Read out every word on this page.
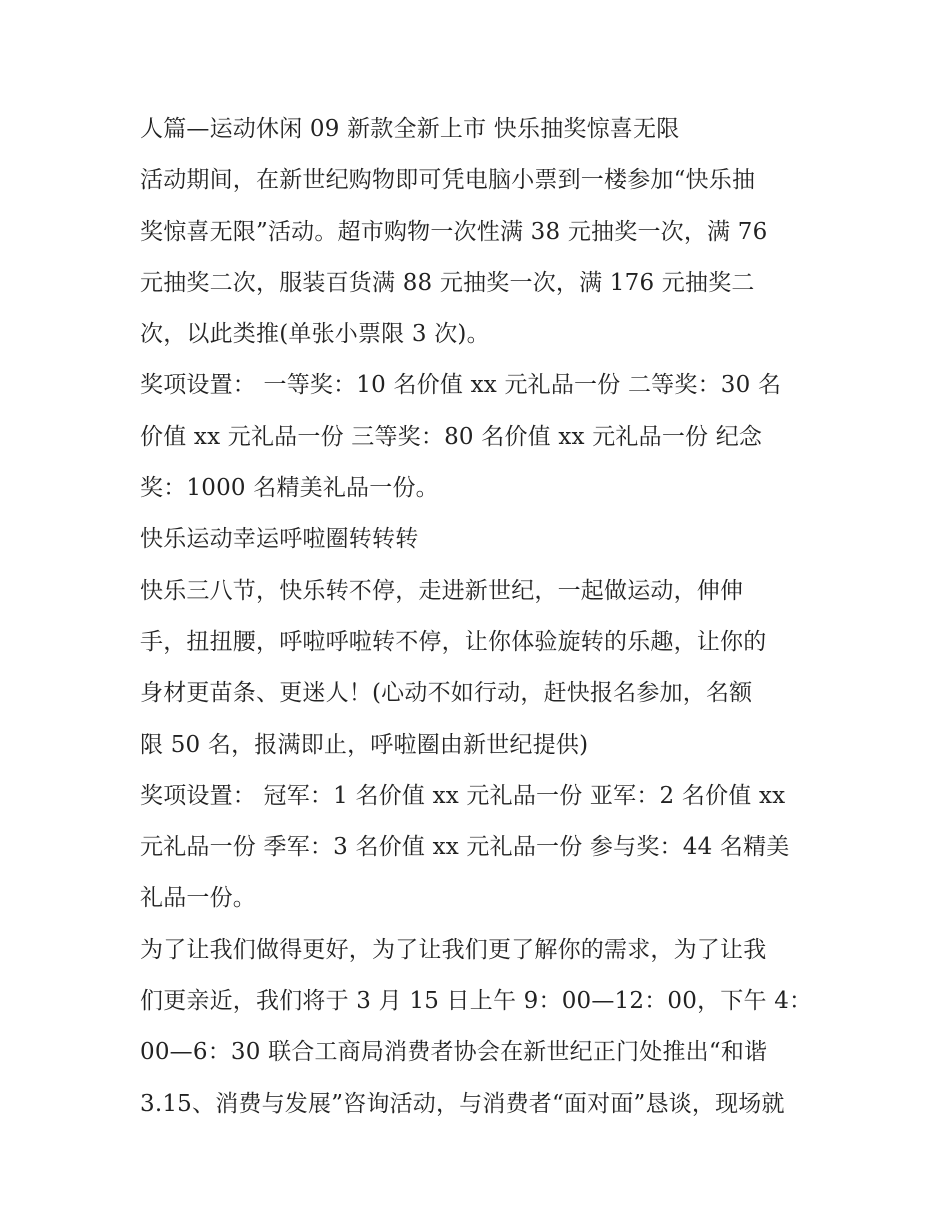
人篇—运动休闲 09 新款全新上市 快乐抽奖惊喜无限
活动期间，在新世纪购物即可凭电脑小票到一楼参加“快乐抽
奖惊喜无限”活动。超市购物一次性满 38 元抽奖一次，满 76
元抽奖二次，服装百货满 88 元抽奖一次，满 176 元抽奖二
次，以此类推(单张小票限 3 次)。
奖项设置： 一等奖：10 名价值 xx 元礼品一份 二等奖：30 名
价值 xx 元礼品一份 三等奖：80 名价值 xx 元礼品一份 纪念
奖：1000 名精美礼品一份。
快乐运动幸运呼啦圈转转转
快乐三八节，快乐转不停，走进新世纪，一起做运动，伸伸
手，扭扭腰，呼啦呼啦转不停，让你体验旋转的乐趣，让你的
身材更苗条、更迷人！(心动不如行动，赶快报名参加，名额
限 50 名，报满即止，呼啦圈由新世纪提供)
奖项设置： 冠军：1 名价值 xx 元礼品一份 亚军：2 名价值 xx
元礼品一份 季军：3 名价值 xx 元礼品一份 参与奖：44 名精美
礼品一份。
为了让我们做得更好，为了让我们更了解你的需求，为了让我
们更亲近，我们将于 3 月 15 日上午 9：00—12：00，下午 4：
00—6：30 联合工商局消费者协会在新世纪正门处推出“和谐
3.15、消费与发展”咨询活动，与消费者“面对面”恳谈，现场就
